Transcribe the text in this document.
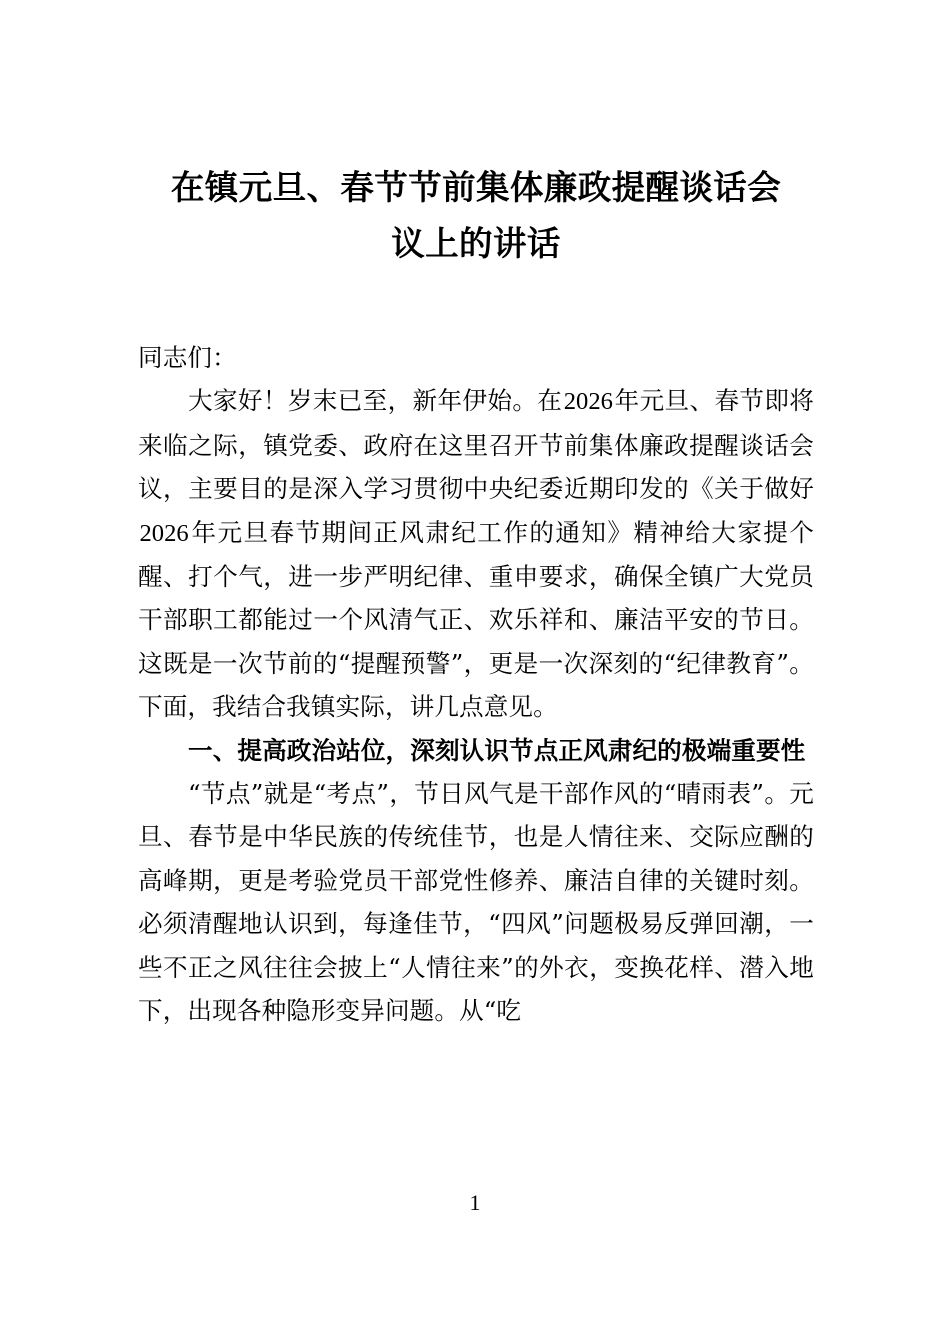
在镇元旦、春节节前集体廉政提醒谈话会
议上的讲话

同志们：

大家好！岁末已至，新年伊始。在2026年元旦、春节即将来临之际，镇党委、政府在这里召开节前集体廉政提醒谈话会议，主要目的是深入学习贯彻中央纪委近期印发的《关于做好2026年元旦春节期间正风肃纪工作的通知》精神给大家提个醒、打个气，进一步严明纪律、重申要求，确保全镇广大党员干部职工都能过一个风清气正、欢乐祥和、廉洁平安的节日。这既是一次节前的“提醒预警”，更是一次深刻的“纪律教育”。下面，我结合我镇实际，讲几点意见。

一、提高政治站位，深刻认识节点正风肃纪的极端重要性

“节点”就是“考点”，节日风气是干部作风的“晴雨表”。元旦、春节是中华民族的传统佳节，也是人情往来、交际应酬的高峰期，更是考验党员干部党性修养、廉洁自律的关键时刻。必须清醒地认识到，每逢佳节，“四风”问题极易反弹回潮，一些不正之风往往会披上“人情往来”的外衣，变换花样、潜入地下，出现各种隐形变异问题。从“吃

1
